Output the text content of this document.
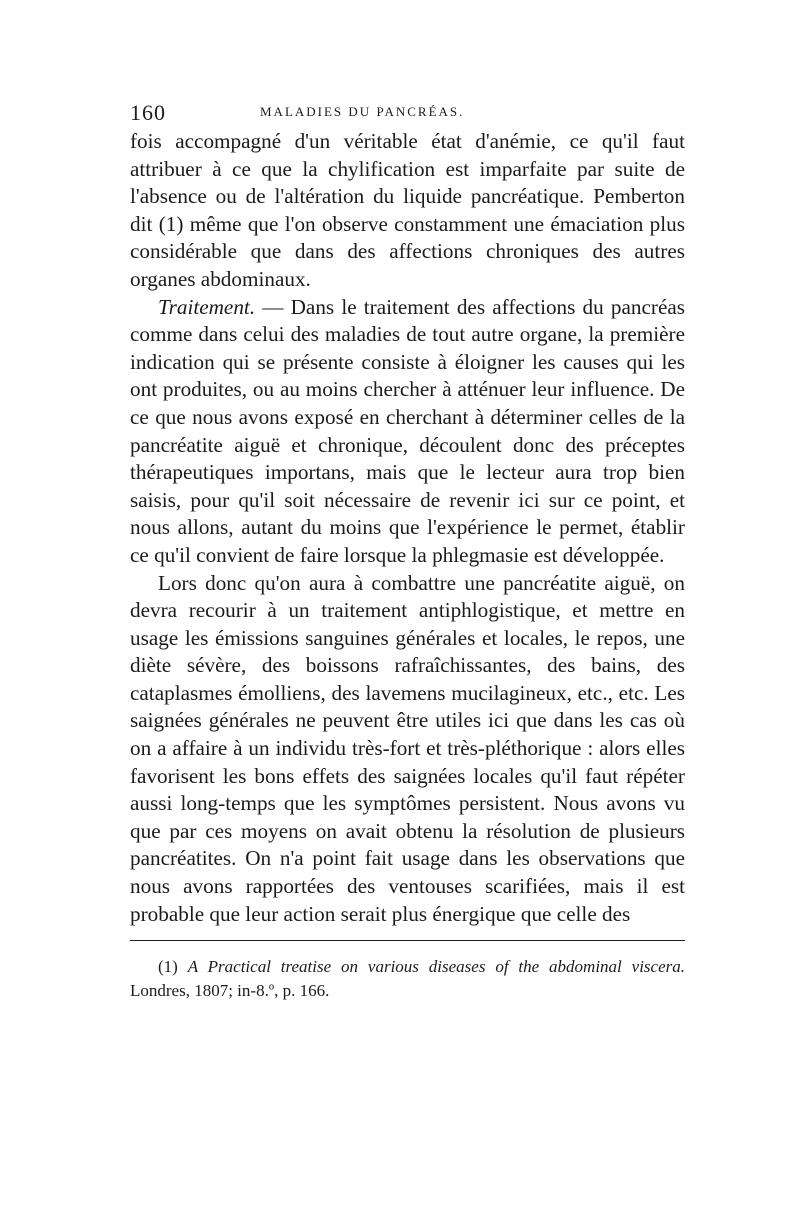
160	MALADIES DU PANCRÉAS.

fois accompagné d'un véritable état d'anémie, ce qu'il faut attribuer à ce que la chylification est imparfaite par suite de l'absence ou de l'altération du liquide pancréatique. Pemberton dit (1) même que l'on observe constamment une émaciation plus considérable que dans des affections chroniques des autres organes abdominaux.

Traitement. — Dans le traitement des affections du pancréas comme dans celui des maladies de tout autre organe, la première indication qui se présente consiste à éloigner les causes qui les ont produites, ou au moins chercher à atténuer leur influence. De ce que nous avons exposé en cherchant à déterminer celles de la pancréatite aiguë et chronique, découlent donc des préceptes thérapeutiques importans, mais que le lecteur aura trop bien saisis, pour qu'il soit nécessaire de revenir ici sur ce point, et nous allons, autant du moins que l'expérience le permet, établir ce qu'il convient de faire lorsque la phlegmasie est développée.

Lors donc qu'on aura à combattre une pancréatite aiguë, on devra recourir à un traitement antiphlogistique, et mettre en usage les émissions sanguines générales et locales, le repos, une diète sévère, des boissons rafraîchissantes, des bains, des cataplasmes émolliens, des lavemens mucilagineux, etc., etc. Les saignées générales ne peuvent être utiles ici que dans les cas où on a affaire à un individu très-fort et très-pléthorique : alors elles favorisent les bons effets des saignées locales qu'il faut répéter aussi long-temps que les symptômes persistent. Nous avons vu que par ces moyens on avait obtenu la résolution de plusieurs pancréatites. On n'a point fait usage dans les observations que nous avons rapportées des ventouses scarifiées, mais il est probable que leur action serait plus énergique que celle des

(1) A Practical treatise on various diseases of the abdominal viscera. Londres, 1807; in-8.º, p. 166.
